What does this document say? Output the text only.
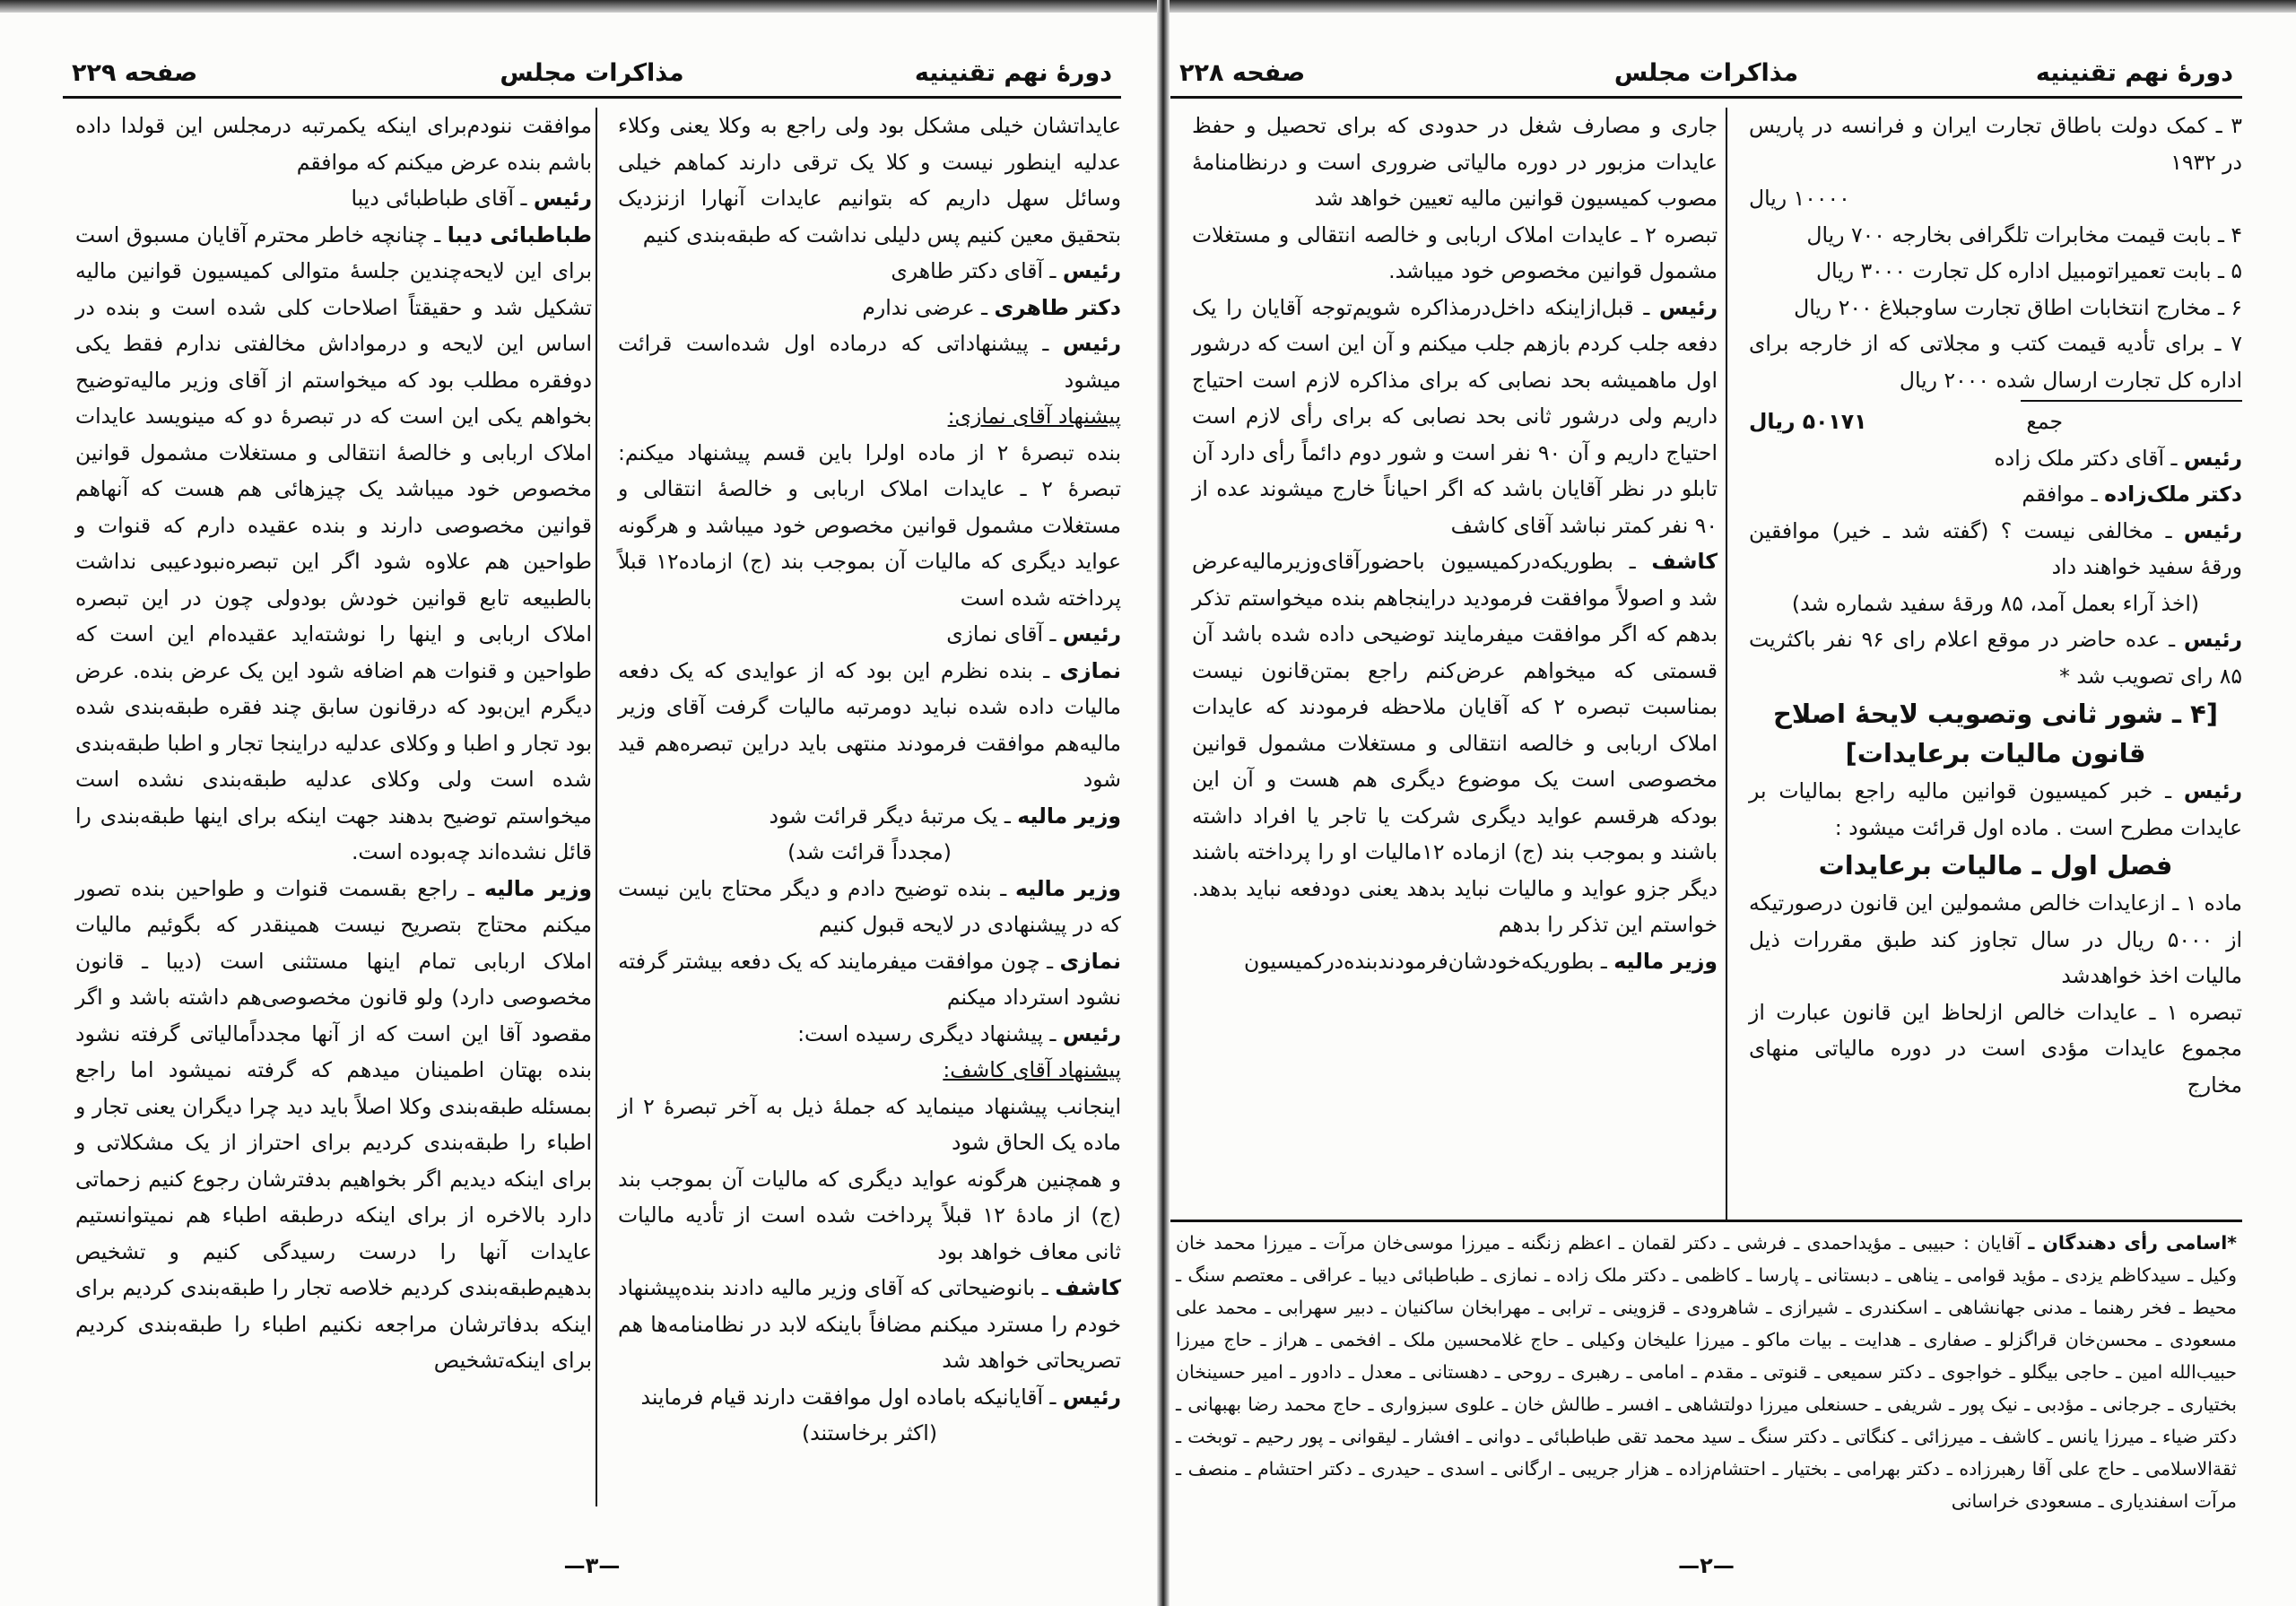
دورهٔ نهم تقنینیه
مذاکرات مجلس
صفحه ۲۲۸

۳ ـ کمک دولت باطاق تجارت ایران و فرانسه در پاریس در ۱۹۳۲

۱۰۰۰۰ ریال

۴ ـ بابت قیمت مخابرات تلگرافی بخارجه ۷۰۰ ریال

۵ ـ بابت تعمیراتومبیل اداره کل تجارت ۳۰۰۰ ریال

۶ ـ مخارج انتخابات اطاق تجارت ساوجبلاغ ۲۰۰ ریال

۷ ـ برای تأدیه قیمت کتب و مجلاتی که از خارجه برای اداره کل تجارت ارسال شده ۲۰۰۰ ریال

جمع
۵۰۱۷۱ ریال

رئیس ـ آقای دکتر ملک زاده

دکتر ملک‌زاده ـ موافقم

رئیس ـ مخالفی نیست ؟ (گفته شد ـ خیر) موافقین ورقهٔ سفید خواهند داد

(اخذ آراء بعمل آمد، ۸۵ ورقهٔ سفید شماره شد)

رئیس ـ عده حاضر در موقع اعلام رای ۹۶ نفر باکثریت ۸۵ رای تصویب شد *

[۴ ـ شور ثانی وتصویب لایحهٔ اصلاح قانون مالیات برعایدات]

رئیس ـ خبر کمیسیون قوانین مالیه راجع بمالیات بر عایدات مطرح است . ماده اول قرائت میشود :

فصل اول ـ مالیات برعایدات

ماده ۱ ـ ازعایدات خالص مشمولین این قانون درصورتیکه از ۵۰۰۰ ریال در سال تجاوز کند طبق مقررات ذیل مالیات اخذ خواهدشد

تبصره ۱ ـ عایدات خالص ازلحاظ این قانون عبارت از مجموع عایدات مؤدی است در دوره مالیاتی منهای مخارج

جاری و مصارف شغل در حدودی که برای تحصیل و حفظ عایدات مزبور در دوره مالیاتی ضروری است و درنظامنامهٔ مصوب کمیسیون قوانین مالیه تعیین خواهد شد

تبصره ۲ ـ عایدات املاک اربابی و خالصه انتقالی و مستغلات مشمول قوانین مخصوص خود میباشد.

رئیس ـ قبل‌ازاینکه داخل‌در‌مذاکره شویم‌توجه آقایان را یک دفعه جلب کردم بازهم جلب میکنم و آن این است که درشور اول ماهمیشه بحد نصابی که برای مذاکره لازم است احتیاج داریم ولی درشور ثانی بحد نصابی که برای رأی لازم است احتیاج داریم و آن ۹۰ نفر است و شور دوم دائماً رأی دارد آن تابلو در نظر آقایان باشد که اگر احیاناً خارج میشوند عده از ۹۰ نفر کمتر نباشد آقای کاشف

کاشف ـ بطوریکه‌درکمیسیون باحضورآقای‌وزیرمالیه‌عرض شد و اصولاً موافقت فرمودید دراینجاهم بنده میخواستم تذکر بدهم که اگر موافقت میفرمایند توضیحی داده شده باشد آن قسمتی که میخواهم عرض‌کنم راجع بمتن‌قانون نیست بمناسبت تبصره ۲ که آقایان ملاحظه فرمودند که عایدات املاک اربابی و خالصه انتقالی و مستغلات مشمول قوانین مخصوصی است یک موضوع دیگری هم هست و آن این بودکه هرقسم عواید دیگری شرکت یا تاجر یا افراد داشته باشند و بموجب بند (ج) ازماده ۱۲مالیات او را پرداخته باشند دیگر جزو عواید و مالیات نباید بدهد یعنی دودفعه نباید بدهد. خواستم این تذکر را بدهم

وزیر مالیه ـ بطوریکه‌خودشان‌فرمودند‌بنده‌درکمیسیون

*اسامی رأی دهندگان ـ آقایان : حبیبی ـ مؤیداحمدی ـ فرشی ـ دکتر لقمان ـ اعظم زنگنه ـ میرزا موسی‌خان مرآت ـ میرزا محمد خان وکیل ـ سیدکاظم یزدی ـ مؤید قوامی ـ یناهی ـ دبستانی ـ پارسا ـ کاظمی ـ دکتر ملک زاده ـ نمازی ـ طباطبائی دیبا ـ عراقی ـ معتصم سنگ ـ محیط ـ فخر ‌رهنما ـ مدنی جهانشاهی ـ اسکندری ـ شیرازی ـ شاهرودی ـ قزوینی ـ ترابی ـ مهرابخان ساکنیان ـ دبیر سهرابی ـ محمد علی مسعودی ـ محسن‌خان قراگزلو ـ صفاری ـ هدایت ـ بیات ماکو ـ میرزا علیخان وکیلی ـ حاج غلامحسین ملک ـ افخمی ـ هراز ـ حاج میرزا حبیب‌الله امین ـ حاجی بیگلو ـ خواجوی ـ دکتر سمیعی ـ قنوتی ـ مقدم ـ امامی ـ رهبری ـ روحی ـ دهستانی ـ معدل ـ دادور ـ امیر حسینخان بختیاری ـ جرجانی ـ مؤدبی ـ نیک پور ـ شریفی ـ حسنعلی میرزا دولتشاهی ـ افسر ـ طالش خان ـ علوی سبزواری ـ حاج محمد رضا بهبهانی ـ دکتر ضیاء ـ میرزا یانس ـ کاشف ـ میرزائی ـ کنگاتی ـ دکتر سنگ ـ سید محمد تقی طباطبائی ـ دوانی ـ افشار ـ لیقوانی ـ پور رحیم ـ توبخت ـ ثقة‌الاسلامی ـ حاج علی آقا رهبرزاده ـ دکتر بهرامی ـ بختیار ـ احتشام‌زاده ـ هزار جریبی ـ ارگانی ـ اسدی ـ حیدری ـ دکتر احتشام ـ منصف ـ مرآت اسفندیاری ـ مسعودی خراسانی
—۲—
دورهٔ نهم تقنینیه
مذاکرات مجلس
صفحه ۲۲۹

عایداتشان خیلی مشکل بود ولی راجع به وکلا یعنی وکلاء عدلیه اینطور نیست و کلا یک ترقی دارند کماهم خیلی وسائل سهل داریم که بتوانیم عایدات آنهارا ازنزدیک بتحقیق معین کنیم پس دلیلی نداشت که طبقه‌بندی کنیم

رئیس ـ آقای دکتر طاهری

دکتر طاهری ـ عرضی ندارم

رئیس ـ پیشنهاداتی که درماده اول شده‌است قرائت میشود

پیشنهاد آقای نمازی:

بنده تبصرهٔ ۲ از ماده اولرا باین قسم پیشنهاد میکنم: تبصرهٔ ۲ ـ عایدات املاک اربابی و خالصهٔ انتقالی و مستغلات مشمول قوانین مخصوص خود میباشد و هرگونه عواید دیگری که مالیات آن بموجب بند (ج) ازماده۱۲ قبلاً پرداخته شده است

رئیس ـ آقای نمازی

نمازی ـ بنده نظرم این بود که از عوایدی که یک دفعه مالیات داده شده نباید دومرتبه مالیات گرفت آقای وزیر مالیه‌هم موافقت فرمودند منتهی باید دراین تبصره‌هم قید شود

وزیر مالیه ـ یک مرتبهٔ دیگر قرائت شود

(مجدداً قرائت شد)

وزیر مالیه ـ بنده توضیح دادم و دیگر محتاج باین نیست که در پیشنهادی در لایحه قبول کنیم

نمازی ـ چون موافقت میفرمایند که یک دفعه بیشتر گرفته نشود استرداد میکنم

رئیس ـ پیشنهاد دیگری رسیده است:

پیشنهاد آقای کاشف:

اینجانب پیشنهاد مینماید که جملهٔ ذیل به آخر تبصرهٔ ۲ از ماده یک الحاق شود

و همچنین هرگونه عواید دیگری که مالیات آن بموجب بند (ج) از مادهٔ ۱۲ قبلاً پرداخت شده است از تأدیه مالیات ثانی معاف خواهد بود

کاشف ـ بانوضیحاتی که آقای وزیر مالیه دادند بنده‌پیشنهاد خودم را مسترد میکنم مضافاً باینکه لابد در نظامنامه‌ها هم تصریحاتی خواهد شد

رئیس ـ آقایانیکه باماده اول موافقت دارند قیام فرمایند

(اکثر برخاستند)

موافقت ننودم‌برای اینکه یکمرتبه درمجلس این قولدا داده باشم بنده عرض میکنم که موافقم

رئیس ـ آقای طباطبائی دیبا

طباطبائی دیبا ـ چنانچه خاطر محترم آقایان مسبوق است برای این لایحه‌چندین جلسهٔ متوالی کمیسیون قوانین مالیه تشکیل شد و حقیقتاً اصلاحات کلی شده است و بنده در اساس این لایحه و درمواداش مخالفتی ندارم فقط یکی دوفقره مطلب بود که میخواستم از آقای وزیر مالیه‌توضیح بخواهم یکی این است که در تبصرهٔ دو که مینویسد عایدات املاک اربابی و خالصهٔ انتقالی و مستغلات مشمول قوانین مخصوص خود میباشد یک چیزهائی هم هست که آنهاهم قوانین مخصوصی دارند و بنده عقیده دارم که قنوات و طواحین هم علاوه شود اگر این تبصره‌نبود‌عیبی نداشت بالطبیعه تابع قوانین خودش بودولی چون در این تبصره املاک اربابی و اینها را نوشته‌اید عقیده‌ام این است که طواحین و قنوات هم اضافه شود این یک عرض بنده. عرض دیگرم این‌بود که درقانون سابق چند فقره طبقه‌بندی شده بود تجار و اطبا و وکلای عدلیه دراینجا تجار و اطبا طبقه‌بندی شده است ولی وکلای عدلیه طبقه‌بندی نشده است میخواستم توضیح بدهند جهت اینکه برای اینها طبقه‌بندی را قائل نشده‌اند چه‌بوده است.

وزیر مالیه ـ راجع بقسمت قنوات و طواحین بنده تصور میکنم محتاج بتصریح نیست همینقدر که بگوئیم مالیات املاک اربابی تمام اینها مستثنی است (دیبا ـ قانون مخصوصی دارد) ولو قانون مخصوصی‌هم داشته باشد و اگر مقصود آقا این است که از آنها مجدداً‌مالیاتی گرفته نشود بنده بهتان اطمینان میدهم که گرفته نمیشود اما راجع بمسئله طبقه‌بندی وکلا اصلاً باید دید چرا دیگران یعنی تجار و اطباء را طبقه‌بندی کردیم برای احتراز از یک مشکلاتی و برای اینکه دیدیم اگر بخواهیم بدفترشان رجوع کنیم زحماتی دارد بالاخره از برای اینکه درطبقه اطباء هم نمیتوانستیم عایدات آنها را درست رسیدگی کنیم و تشخیص بدهیم‌طبقه‌بندی کردیم خلاصه تجار را طبقه‌بندی کردیم برای اینکه بدفاترشان مراجعه نکنیم اطباء را طبقه‌بندی کردیم برای اینکه‌تشخیص

—۳—
